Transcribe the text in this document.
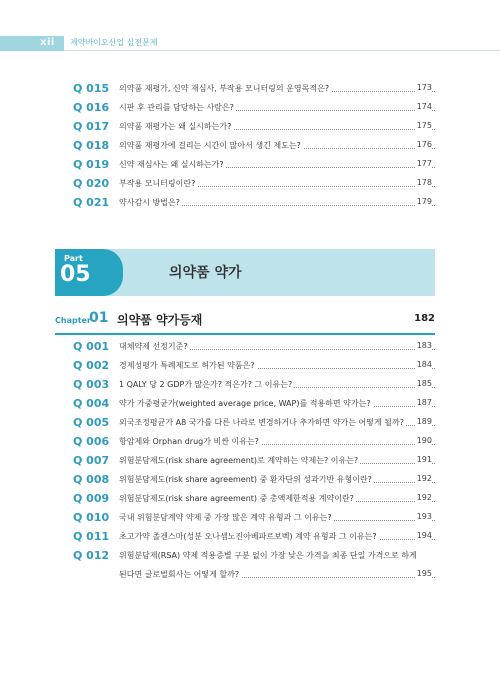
xii 제약바이오산업 실전문제
Q 015 의약품 재평가, 신약 재심사, 부작용 모니터링의 운영목적은?	173
Q 016 시판 후 관리를 담당하는 사람은?	174
Q 017 의약품 재평가는 왜 실시하는가?	175
Q 018 의약품 재평가에 걸리는 시간이 많아서 생긴 제도는?	176
Q 019 신약 재심사는 왜 실시하는가?	177
Q 020 부작용 모니터링이란?	178
Q 021 약사감시 방법은?	179
Part
05	의약품 약가
Chapter
01 의약품 약가등재	182
Q 001 대체약제 선정기준?	183
Q 002 경제성평가 특례제도로 허가된 약품은?	184
Q 003 1 QALY 당 2 GDP가 많은가? 적은가? 그 이유는?	185
Q 004 약가 가중평균가(weighted average price, WAP)를 적용하면 약가는?	187
Q 005 외국조정평균가 A8 국가를 다른 나라로 변경하거나 추가하면 약가는 어떻게 될까? 189
Q 006 항암제와 Orphan drug가 비싼 이유는?	190
Q 007 위험분담제도(risk share agreement)로 계약하는 약제는? 이유는?	191
Q 008 위험분담제도(risk share agreement) 중 환자단위 성과기반 유형이란?	192
Q 009 위험분담제도(risk share agreement) 중 총액제한적용 계약이란?	192
Q 010 국내 위험분담계약 약제 중 가장 많은 계약 유형과 그 이유는?	193
Q 011 초고가약 졸겐스마(성분 오나셈노진아베파르보벡) 계약 유형과 그 이유는?	194
Q 012 위험분담제(RSA) 약제 적용증별 구분 없이 가장 낮은 가격을 최종 단일 가격으로 하게
된다면 글로벌회사는 어떻게 할까?	195
